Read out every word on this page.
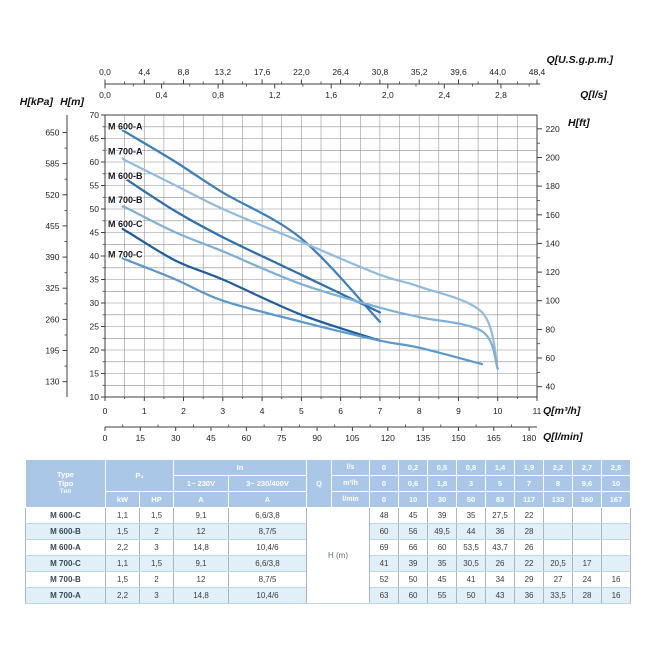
70
65
60
55
50
45
40
35
30
25
20
15
10
H[m]
650
585
520
455
390
325
260
195
130
H[kPa]
220
200
180
160
140
120
100
80
60
40
H[ft]
0,0	4,4	8,8	13,2	17,6	22,0	26,4	30,8	35,2	39,6	44,0	48,4
0,0	0,4	0,8	1,2	1,6	2,0	2,4	2,8
Q[U.S.g.p.m.]
Q[l/s]
0	1	2	3	4	5	6	7	8	9	10	11 Q[m³/h]
0	15	30	45	60	75	90	105 120 135 150 165 180 Q[l/min]
M 600-A
M 700-A
M 600-B
M 700-B
M 600-C
M 700-C
Type
Tipo
Тип	P₂		In		Q	l/s	0	0,2	0,5	0,8	1,4	1,9	2,2	2,7	2,8
			1~ 230V	3~ 230/400V		m³/h	0	0,6	1,8	3	5	7	8	9,6	10
	kW	HP	A	A		l/min	0	10	30	50	83	117	133	160	167
M 600-C	1,1	1,5	9,1	6,6/3,8	H (m)		48	45	39	35	27,5	22			
M 600-B	1,5	2	12	8,7/5			60	56	49,5	44	36	28			
M 600-A	2,2	3	14,8	10,4/6			69	66	60	53,5	43,7	26			
M 700-C	1,1	1,5	9,1	6,6/3,8			41	39	35	30,5	26	22	20,5	17	
M 700-B	1,5	2	12	8,7/5			52	50	45	41	34	29	27	24	16
M 700-A	2,2	3	14,8	10,4/6			63	60	55	50	43	36	33,5	28	16
